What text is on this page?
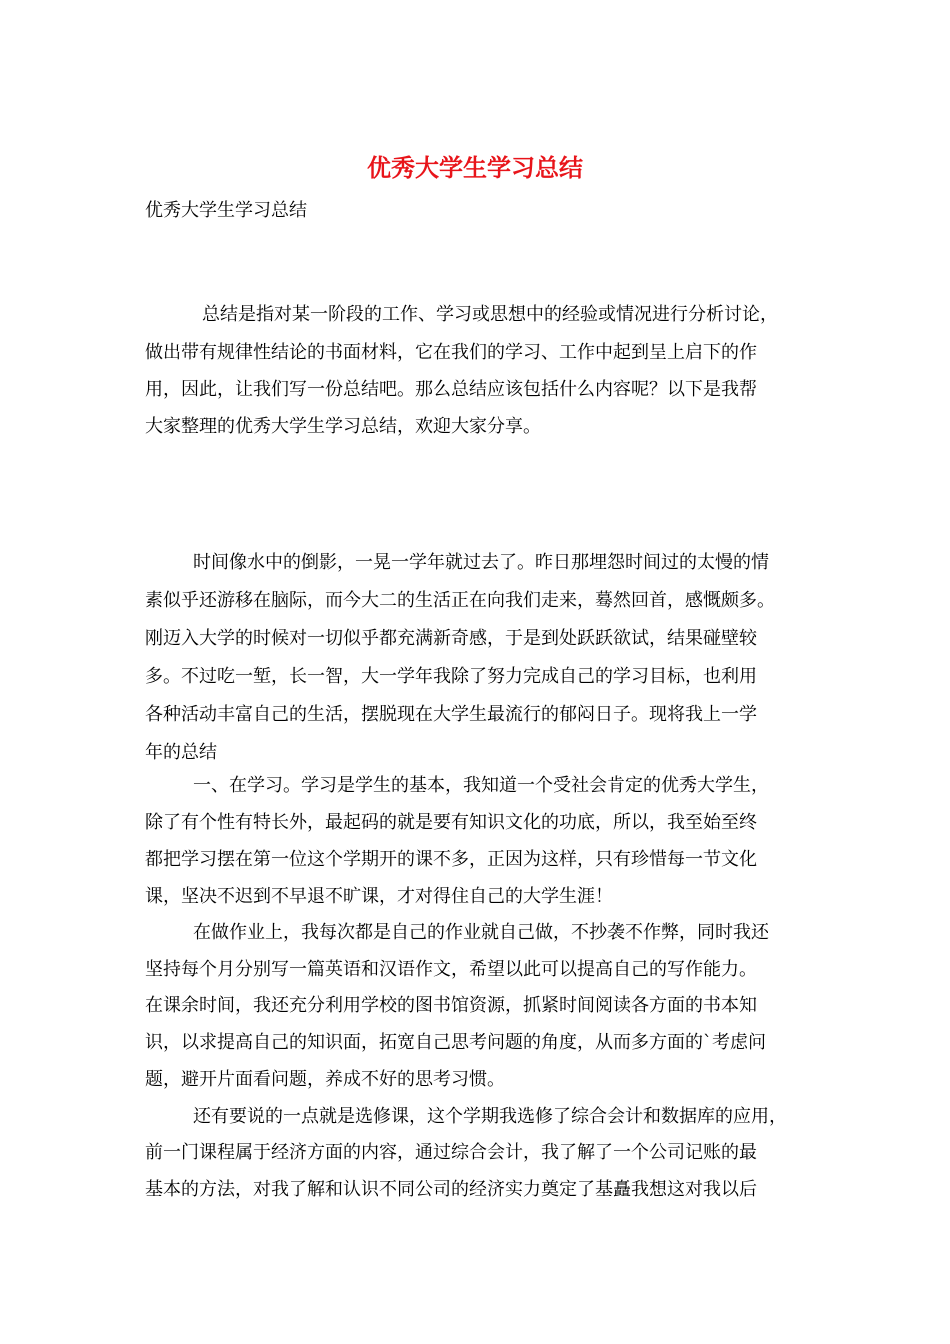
优秀大学生学习总结

优秀大学生学习总结

总结是指对某一阶段的工作、学习或思想中的经验或情况进行分析讨论，

做出带有规律性结论的书面材料，它在我们的学习、工作中起到呈上启下的作

用，因此，让我们写一份总结吧。那么总结应该包括什么内容呢？以下是我帮

大家整理的优秀大学生学习总结，欢迎大家分享。

时间像水中的倒影，一晃一学年就过去了。昨日那埋怨时间过的太慢的情

素似乎还游移在脑际，而今大二的生活正在向我们走来，蓦然回首，感慨颇多。

刚迈入大学的时候对一切似乎都充满新奇感，于是到处跃跃欲试，结果碰壁较

多。不过吃一堑，长一智，大一学年我除了努力完成自己的学习目标，也利用

各种活动丰富自己的生活，摆脱现在大学生最流行的郁闷日子。现将我上一学

年的总结

一、在学习。学习是学生的基本，我知道一个受社会肯定的优秀大学生，

除了有个性有特长外，最起码的就是要有知识文化的功底，所以，我至始至终

都把学习摆在第一位这个学期开的课不多，正因为这样，只有珍惜每一节文化

课，坚决不迟到不早退不旷课，才对得住自己的大学生涯！

在做作业上，我每次都是自己的作业就自己做，不抄袭不作弊，同时我还

坚持每个月分别写一篇英语和汉语作文，希望以此可以提高自己的写作能力。

在课余时间，我还充分利用学校的图书馆资源，抓紧时间阅读各方面的书本知

识，以求提高自己的知识面，拓宽自己思考问题的角度，从而多方面的`考虑问

题，避开片面看问题，养成不好的思考习惯。

还有要说的一点就是选修课，这个学期我选修了综合会计和数据库的应用，

前一门课程属于经济方面的内容，通过综合会计，我了解了一个公司记账的最

基本的方法，对我了解和认识不同公司的经济实力奠定了基矗我想这对我以后
